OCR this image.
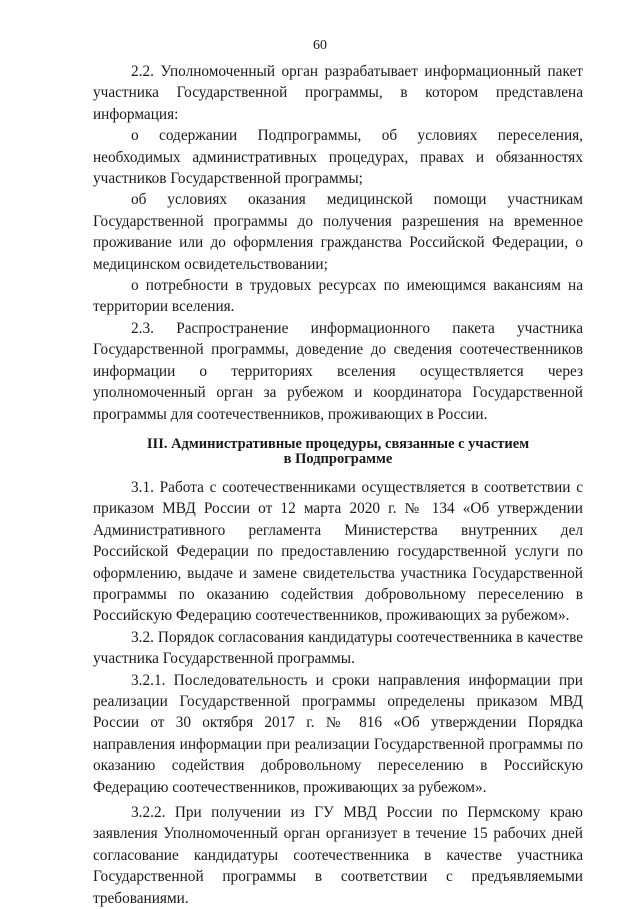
60

2.2. Уполномоченный орган разрабатывает информационный пакет участника Государственной программы, в котором представлена информация:

о содержании Подпрограммы, об условиях переселения, необходимых административных процедурах, правах и обязанностях участников Государственной программы;

об условиях оказания медицинской помощи участникам Государственной программы до получения разрешения на временное проживание или до оформления гражданства Российской Федерации, о медицинском освидетельствовании;

о потребности в трудовых ресурсах по имеющимся вакансиям на территории вселения.

2.3. Распространение информационного пакета участника Государственной программы, доведение до сведения соотечественников информации о территориях вселения осуществляется через уполномоченный орган за рубежом и координатора Государственной программы для соотечественников, проживающих в России.

III. Административные процедуры, связанные с участием
в Подпрограмме

3.1. Работа с соотечественниками осуществляется в соответствии с приказом МВД России от 12 марта 2020 г. № 134 «Об утверждении Административного регламента Министерства внутренних дел Российской Федерации по предоставлению государственной услуги по оформлению, выдаче и замене свидетельства участника Государственной программы по оказанию содействия добровольному переселению в Российскую Федерацию соотечественников, проживающих за рубежом».

3.2. Порядок согласования кандидатуры соотечественника в качестве участника Государственной программы.

3.2.1. Последовательность и сроки направления информации при реализации Государственной программы определены приказом МВД России от 30 октября 2017 г. № 816 «Об утверждении Порядка направления информации при реализации Государственной программы по оказанию содействия добровольному переселению в Российскую Федерацию соотечественников, проживающих за рубежом».

3.2.2. При получении из ГУ МВД России по Пермскому краю заявления Уполномоченный орган организует в течение 15 рабочих дней согласование кандидатуры соотечественника в качестве участника Государственной программы в соответствии с предъявляемыми требованиями.
